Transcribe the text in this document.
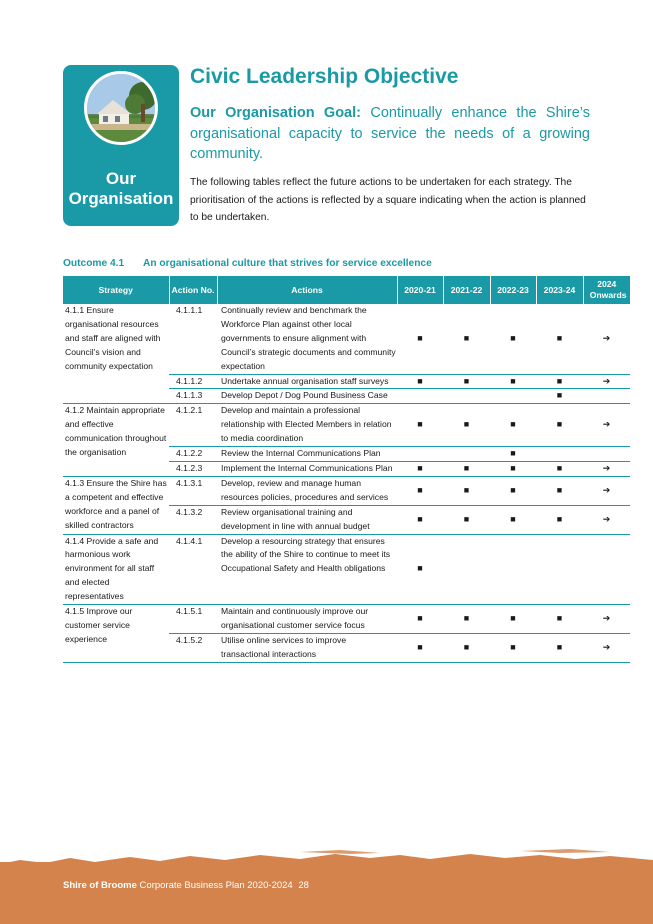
Our
Organisation
Civic Leadership Objective

Our Organisation Goal: Continually enhance the Shire’s organisational capacity to service the needs of a growing community.

The following tables reflect the future actions to be undertaken for each strategy. The prioritisation of the actions is reflected by a square indicating when the action is planned to be undertaken.

Outcome 4.1 An organisational culture that strives for service excellence
Strategy	Action No.	Actions	2020-21	2021-22	2022-23	2023-24	2024 Onwards

4.1.1 Ensure organisational resources and staff are aligned with Council’s vision and community expectation	4.1.1.1	Continually review and benchmark the Workforce Plan against other local governments to ensure alignment with Council’s strategic documents and community expectation	■	■	■	■	➔
	4.1.1.2	Undertake annual organisation staff surveys	■	■	■	■	➔
	4.1.1.3	Develop Depot / Dog Pound Business Case				■	
4.1.2 Maintain appropriate and effective communication throughout the organisation	4.1.2.1	Develop and maintain a professional relationship with Elected Members in relation to media coordination	■	■	■	■	➔
	4.1.2.2	Review the Internal Communications Plan			■		
	4.1.2.3	Implement the Internal Communications Plan	■	■	■	■	➔
4.1.3 Ensure the Shire has a competent and effective workforce and a panel of skilled contractors	4.1.3.1	Develop, review and manage human resources policies, procedures and services	■	■	■	■	➔
	4.1.3.2	Review organisational training and development in line with annual budget	■	■	■	■	➔
4.1.4 Provide a safe and harmonious work environment for all staff and elected representatives	4.1.4.1	Develop a resourcing strategy that ensures the ability of the Shire to continue to meet its Occupational Safety and Health obligations	■				
4.1.5 Improve our customer service experience	4.1.5.1	Maintain and continuously improve our organisational customer service focus	■	■	■	■	➔
	4.1.5.2	Utilise online services to improve transactional interactions	■	■	■	■	➔
Shire of Broome Corporate Business Plan 2020-2024 28
